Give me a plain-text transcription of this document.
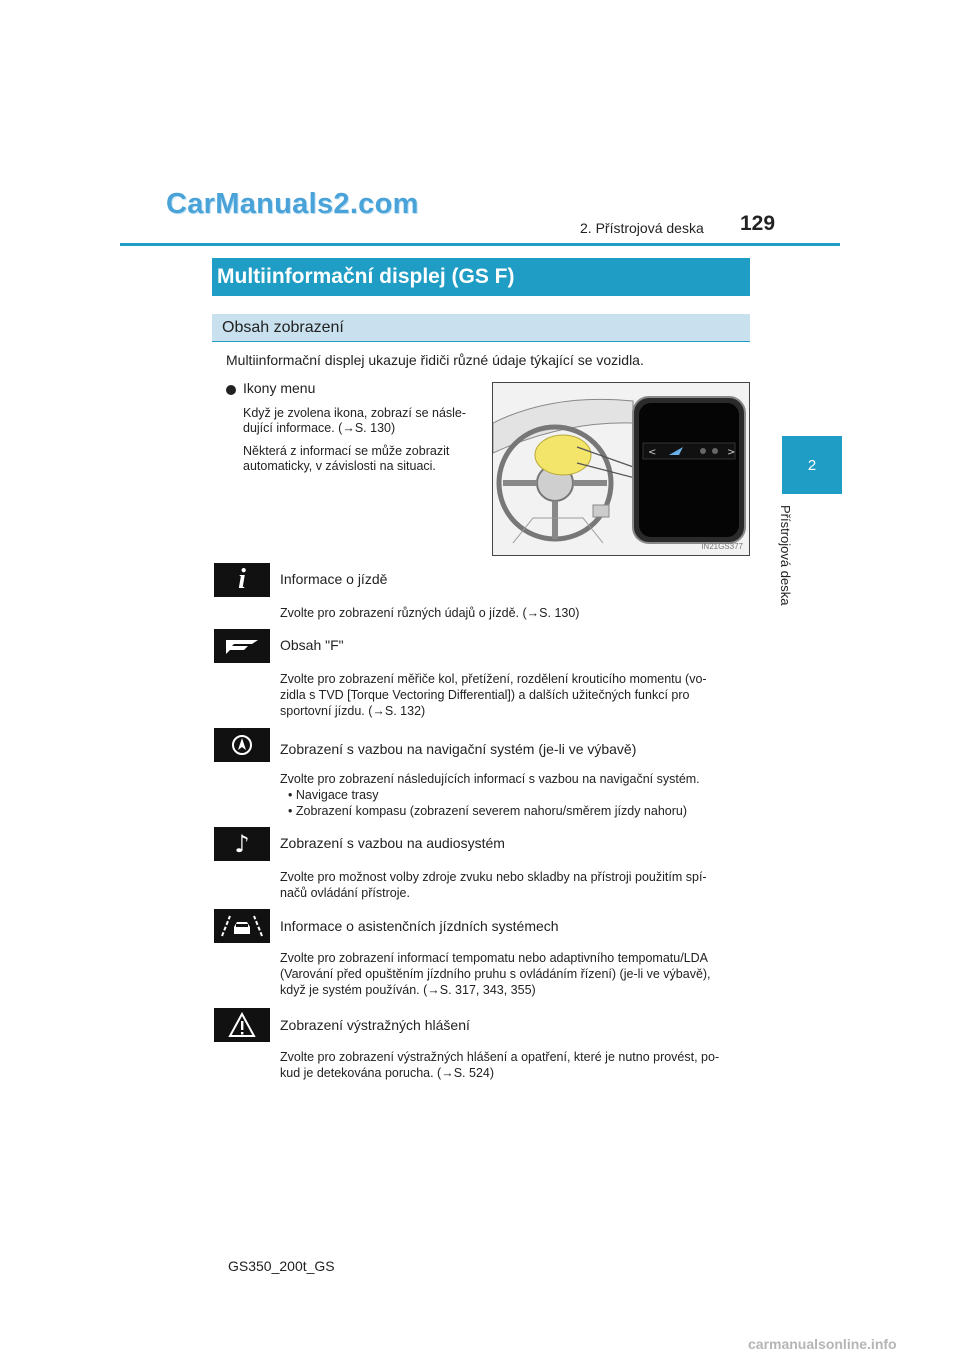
CarManuals2.com
2. Přístrojová deska 129
2
Přístrojová deska
Multiinformační displej (GS F)
Obsah zobrazení
Multiinformační displej ukazuje řidiči různé údaje týkající se vozidla.
Ikony menu
Když je zvolena ikona, zobrazí se násle-
dující informace. (→S. 130)
Některá z informací se může zobrazit
automaticky, v závislosti na situaci.
<	>
IN21GS377
i Informace o jízdě
Zvolte pro zobrazení různých údajů o jízdě. (→S. 130)
Obsah "F"
Zvolte pro zobrazení měřiče kol, přetížení, rozdělení krouticího momentu (vo-
zidla s TVD [Torque Vectoring Differential]) a dalších užitečných funkcí pro
sportovní jízdu. (→S. 132)
Zobrazení s vazbou na navigační systém (je-li ve výbavě)
Zvolte pro zobrazení následujících informací s vazbou na navigační systém.
• Navigace trasy
• Zobrazení kompasu (zobrazení severem nahoru/směrem jízdy nahoru)
♪ Zobrazení s vazbou na audiosystém
Zvolte pro možnost volby zdroje zvuku nebo skladby na přístroji použitím spí-
načů ovládání přístroje.
Informace o asistenčních jízdních systémech
Zvolte pro zobrazení informací tempomatu nebo adaptivního tempomatu/LDA
(Varování před opuštěním jízdního pruhu s ovládáním řízení) (je-li ve výbavě),
když je systém používán. (→S. 317, 343, 355)
Zobrazení výstražných hlášení
Zvolte pro zobrazení výstražných hlášení a opatření, které je nutno provést, po-
kud je detekována porucha. (→S. 524)
GS350_200t_GS
carmanualsonline.info
